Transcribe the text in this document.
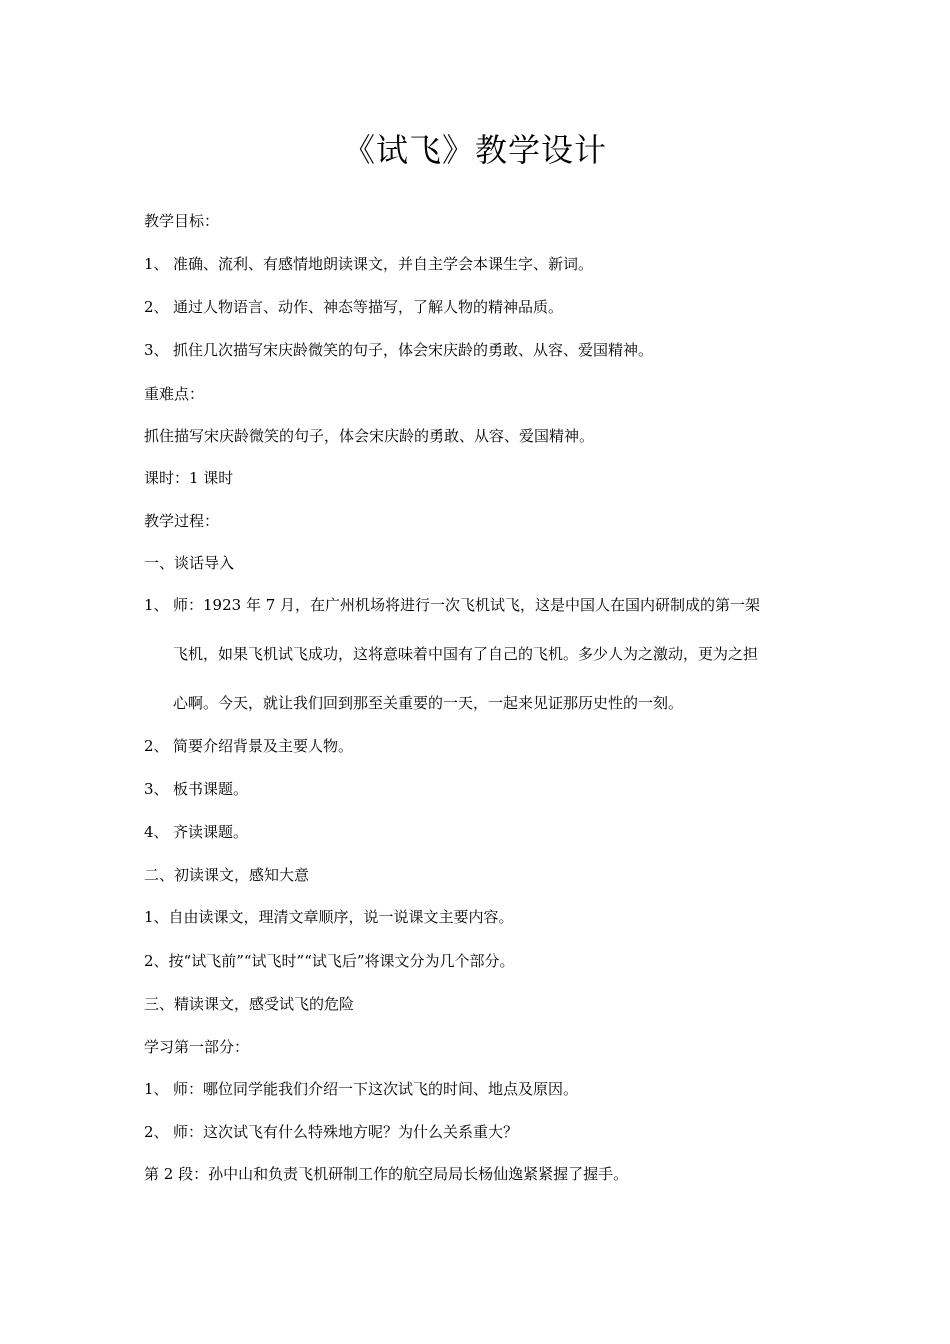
《试飞》教学设计
教学目标：
1、 准确、流利、有感情地朗读课文，并自主学会本课生字、新词。
2、 通过人物语言、动作、神态等描写，了解人物的精神品质。
3、 抓住几次描写宋庆龄微笑的句子，体会宋庆龄的勇敢、从容、爱国精神。
重难点：
抓住描写宋庆龄微笑的句子，体会宋庆龄的勇敢、从容、爱国精神。
课时：1 课时
教学过程：
一、谈话导入
1、 师：1923 年 7 月，在广州机场将进行一次飞机试飞，这是中国人在国内研制成的第一架
飞机，如果飞机试飞成功，这将意味着中国有了自己的飞机。多少人为之激动，更为之担
心啊。今天，就让我们回到那至关重要的一天，一起来见证那历史性的一刻。
2、 简要介绍背景及主要人物。
3、 板书课题。
4、 齐读课题。
二、初读课文，感知大意
1、自由读课文，理清文章顺序，说一说课文主要内容。
2、按“试飞前”“试飞时”“试飞后”将课文分为几个部分。
三、精读课文，感受试飞的危险
学习第一部分：
1、 师：哪位同学能我们介绍一下这次试飞的时间、地点及原因。
2、 师：这次试飞有什么特殊地方呢？为什么关系重大？
第 2 段：孙中山和负责飞机研制工作的航空局局长杨仙逸紧紧握了握手。
